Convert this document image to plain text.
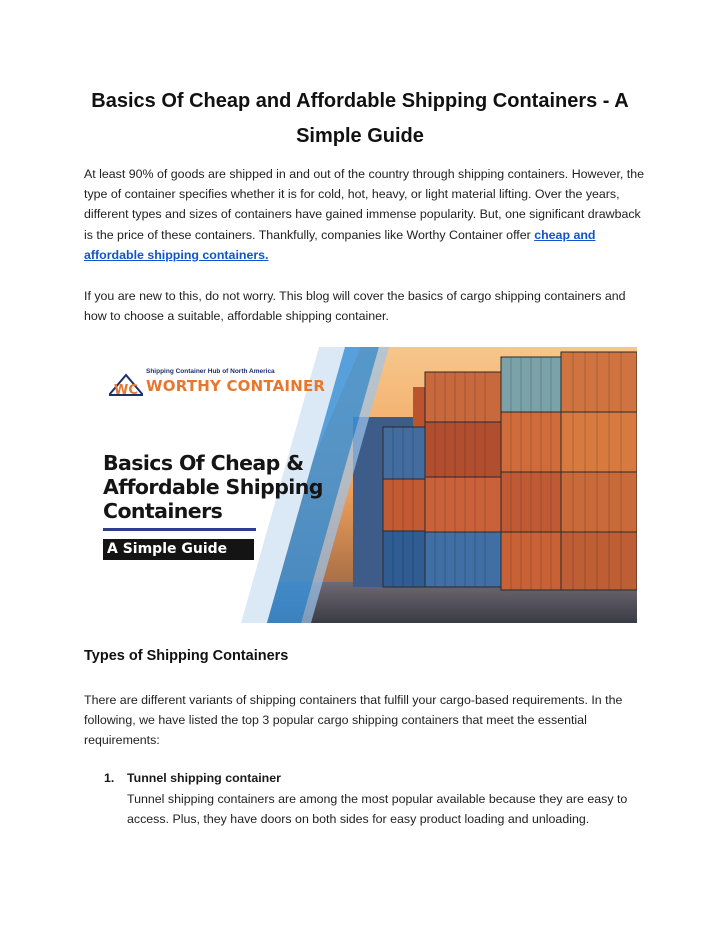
Basics Of Cheap and Affordable Shipping Containers - A Simple Guide
At least 90% of goods are shipped in and out of the country through shipping containers. However, the type of container specifies whether it is for cold, hot, heavy, or light material lifting. Over the years, different types and sizes of containers have gained immense popularity. But, one significant drawback is the price of these containers. Thankfully, companies like Worthy Container offer cheap and affordable shipping containers.
If you are new to this, do not worry. This blog will cover the basics of cargo shipping containers and how to choose a suitable, affordable shipping container.
WC
Shipping Container Hub of North America
WORTHY CONTAINER
Basics Of Cheap & Affordable Shipping Containers
A Simple Guide
Types of Shipping Containers
There are different variants of shipping containers that fulfill your cargo-based requirements. In the following, we have listed the top 3 popular cargo shipping containers that meet the essential requirements:
1. Tunnel shipping container
Tunnel shipping containers are among the most popular available because they are easy to access. Plus, they have doors on both sides for easy product loading and unloading.
